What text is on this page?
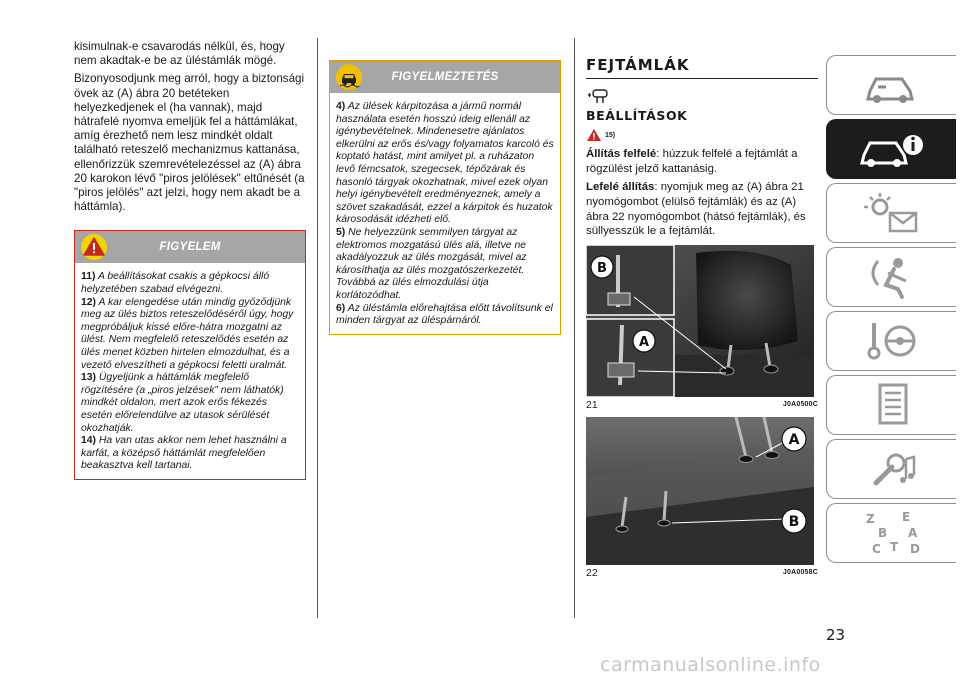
kisimulnak-e csavarodás nélkül, és, hogy nem akadtak-e be az üléstámlák mögé.

Bizonyosodjunk meg arról, hogy a biztonsági övek az (A) ábra 20 betéteken helyezkedjenek el (ha vannak), majd hátrafelé nyomva emeljük fel a háttámlákat, amíg érezhető nem lesz mindkét oldalt található reteszelő mechanizmus kattanása, ellenőrizzük szemrevételezéssel az (A) ábra 20 karokon lévő "piros jelölések" eltűnését (a "piros jelölés" azt jelzi, hogy nem akadt be a háttámla).

FIGYELEM
11) A beállításokat csakis a gépkocsi álló helyzetében szabad elvégezni.
12) A kar elengedése után mindig győződjünk meg az ülés biztos reteszelődéséről úgy, hogy megpróbáljuk kissé előre-hátra mozgatni az ülést. Nem megfelelő reteszelődés esetén az ülés menet közben hirtelen elmozdulhat, és a vezető elveszítheti a gépkocsi feletti uralmát.
13) Ügyeljünk a háttámlák megfelelő rögzítésére (a „piros jelzések” nem láthatók) mindkét oldalon, mert azok erős fékezés esetén előrelendülve az utasok sérülését okozhatják.
14) Ha van utas akkor nem lehet használni a karfát, a középső háttámlát megfelelően beakasztva kell tartanai.
FIGYELMEZTETÉS
4) Az ülések kárpitozása a jármű normál használata esetén hosszú ideig ellenáll az igénybevételnek. Mindenesetre ajánlatos elkerülni az erős és/vagy folyamatos karcoló és koptató hatást, mint amilyet pl. a ruházaton levő fémcsatok, szegecsek, tépőzárak és hasonló tárgyak okozhatnak, mivel ezek olyan helyi igénybevételt eredményeznek, amely a szövet szakadását, ezzel a kárpitok és huzatok károsodását idézheti elő.
5) Ne helyezzünk semmilyen tárgyat az elektromos mozgatású ülés alá, illetve ne akadályozzuk az ülés mozgását, mivel az károsíthatja az ülés mozgatószerkezetét. Továbbá az ülés elmozdulási útja korlátozódhat.
6) Az üléstámla előrehajtása előtt távolítsunk el minden tárgyat az üléspárnáról.
FEJTÁMLÁK
BEÁLLÍTÁSOK
15)

Állítás felfelé: húzzuk felfelé a fejtámlát a rögzülést jelző kattanásig.

Lefelé állítás: nyomjuk meg az (A) ábra 21 nyomógombot (elülső fejtámlák) és az (A) ábra 22 nyomógombot (hátsó fejtámlák), és süllyesszük le a fejtámlát.

B
A
21	J0A0500C
A
B
22	J0A0058C
Z E
B A
C T D
23
carmanualsonline.info
